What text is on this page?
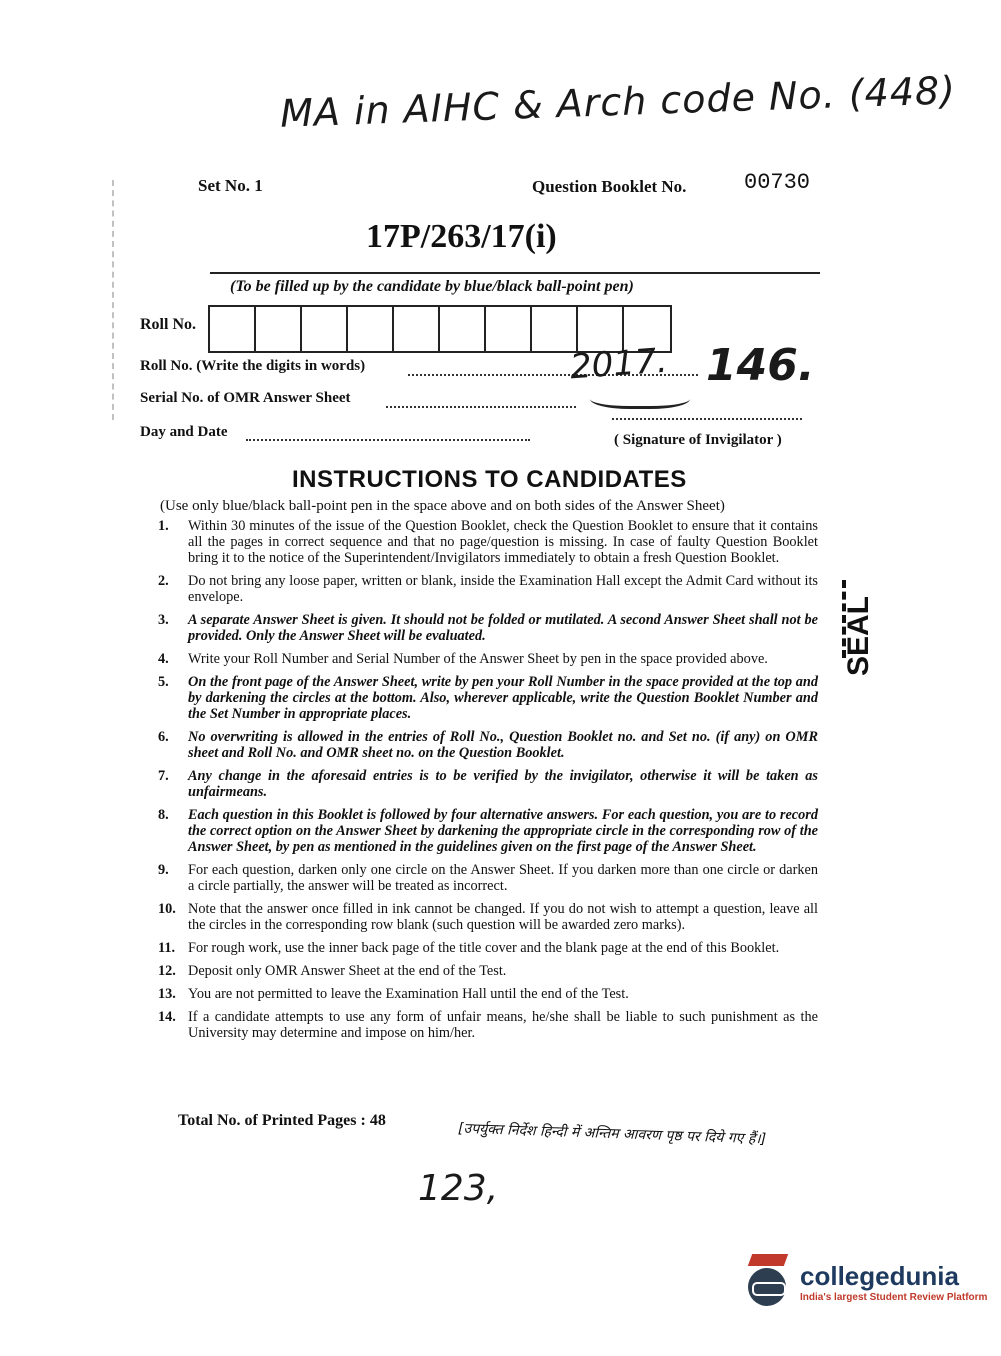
MA in AIHC & Arch code No. (448)
Set No. 1	Question Booklet No.	00730
17P/263/17(i)
(To be filled up by the candidate by blue/black ball-point pen)
Roll No.
Roll No. (Write the digits in words)	2017. 146.
Serial No. of OMR Answer Sheet
Day and Date	( Signature of Invigilator )
INSTRUCTIONS TO CANDIDATES
(Use only blue/black ball-point pen in the space above and on both sides of the Answer Sheet)
1.	Within 30 minutes of the issue of the Question Booklet, check the Question Booklet to ensure that it contains all the pages in correct sequence and that no page/question is missing. In case of faulty Question Booklet bring it to the notice of the Superintendent/Invigilators immediately to obtain a fresh Question Booklet.
2.	Do not bring any loose paper, written or blank, inside the Examination Hall except the Admit Card without its envelope.
3.	A separate Answer Sheet is given. It should not be folded or mutilated. A second Answer Sheet shall not be provided. Only the Answer Sheet will be evaluated.
4.	Write your Roll Number and Serial Number of the Answer Sheet by pen in the space provided above.
5.	On the front page of the Answer Sheet, write by pen your Roll Number in the space provided at the top and by darkening the circles at the bottom. Also, wherever applicable, write the Question Booklet Number and the Set Number in appropriate places.
6.	No overwriting is allowed in the entries of Roll No., Question Booklet no. and Set no. (if any) on OMR sheet and Roll No. and OMR sheet no. on the Question Booklet.
7.	Any change in the aforesaid entries is to be verified by the invigilator, otherwise it will be taken as unfairmeans.
8.	Each question in this Booklet is followed by four alternative answers. For each question, you are to record the correct option on the Answer Sheet by darkening the appropriate circle in the corresponding row of the Answer Sheet, by pen as mentioned in the guidelines given on the first page of the Answer Sheet.
9.	For each question, darken only one circle on the Answer Sheet. If you darken more than one circle or darken a circle partially, the answer will be treated as incorrect.
10. Note that the answer once filled in ink cannot be changed. If you do not wish to attempt a question, leave all the circles in the corresponding row blank (such question will be awarded zero marks).
11. For rough work, use the inner back page of the title cover and the blank page at the end of this Booklet.
12. Deposit only OMR Answer Sheet at the end of the Test.
13. You are not permitted to leave the Examination Hall until the end of the Test.
14. If a candidate attempts to use any form of unfair means, he/she shall be liable to such punishment as the University may determine and impose on him/her.
SEAL
Total No. of Printed Pages : 48
[उपर्युक्त निर्देश हिन्दी में अन्तिम आवरण पृष्ठ पर दिये गए हैं।]
123,
collegedunia
India's largest Student Review Platform
